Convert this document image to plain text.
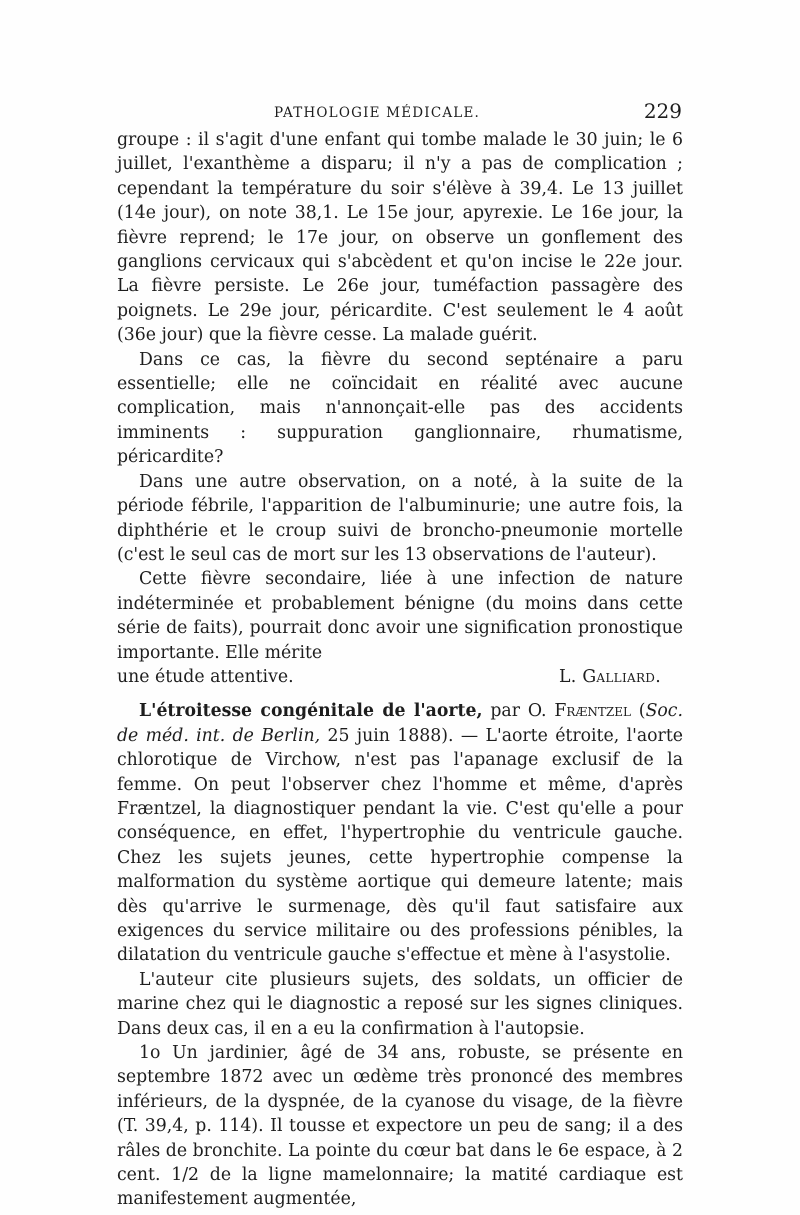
PATHOLOGIE MÉDICALE.	229

groupe : il s'agit d'une enfant qui tombe malade le 30 juin; le 6 juillet, l'exanthème a disparu; il n'y a pas de complication ; cependant la température du soir s'élève à 39,4. Le 13 juillet (14e jour), on note 38,1. Le 15e jour, apyrexie. Le 16e jour, la fièvre reprend; le 17e jour, on observe un gonflement des ganglions cervicaux qui s'abcèdent et qu'on incise le 22e jour. La fièvre persiste. Le 26e jour, tuméfaction passagère des poignets. Le 29e jour, péricardite. C'est seulement le 4 août (36e jour) que la fièvre cesse. La malade guérit.

Dans ce cas, la fièvre du second septénaire a paru essentielle; elle ne coïncidait en réalité avec aucune complication, mais n'annonçait-elle pas des accidents imminents : suppuration ganglionnaire, rhumatisme, péricardite?

Dans une autre observation, on a noté, à la suite de la période fébrile, l'apparition de l'albuminurie; une autre fois, la diphthérie et le croup suivi de broncho-pneumonie mortelle (c'est le seul cas de mort sur les 13 observations de l'auteur).

Cette fièvre secondaire, liée à une infection de nature indéterminée et probablement bénigne (du moins dans cette série de faits), pourrait donc avoir une signification pronostique importante. Elle mérite

une étude attentive.	L. Galliard.

L'étroitesse congénitale de l'aorte, par O. Fræntzel (Soc. de méd. int. de Berlin, 25 juin 1888). — L'aorte étroite, l'aorte chlorotique de Virchow, n'est pas l'apanage exclusif de la femme. On peut l'observer chez l'homme et même, d'après Fræntzel, la diagnostiquer pendant la vie. C'est qu'elle a pour conséquence, en effet, l'hypertrophie du ventricule gauche. Chez les sujets jeunes, cette hypertrophie compense la malformation du système aortique qui demeure latente; mais dès qu'arrive le surmenage, dès qu'il faut satisfaire aux exigences du service militaire ou des professions pénibles, la dilatation du ventricule gauche s'effectue et mène à l'asystolie.

L'auteur cite plusieurs sujets, des soldats, un officier de marine chez qui le diagnostic a reposé sur les signes cliniques. Dans deux cas, il en a eu la confirmation à l'autopsie.

1o Un jardinier, âgé de 34 ans, robuste, se présente en septembre 1872 avec un œdème très prononcé des membres inférieurs, de la dyspnée, de la cyanose du visage, de la fièvre (T. 39,4, p. 114). Il tousse et expectore un peu de sang; il a des râles de bronchite. La pointe du cœur bat dans le 6e espace, à 2 cent. 1/2 de la ligne mamelonnaire; la matité cardiaque est manifestement augmentée,
